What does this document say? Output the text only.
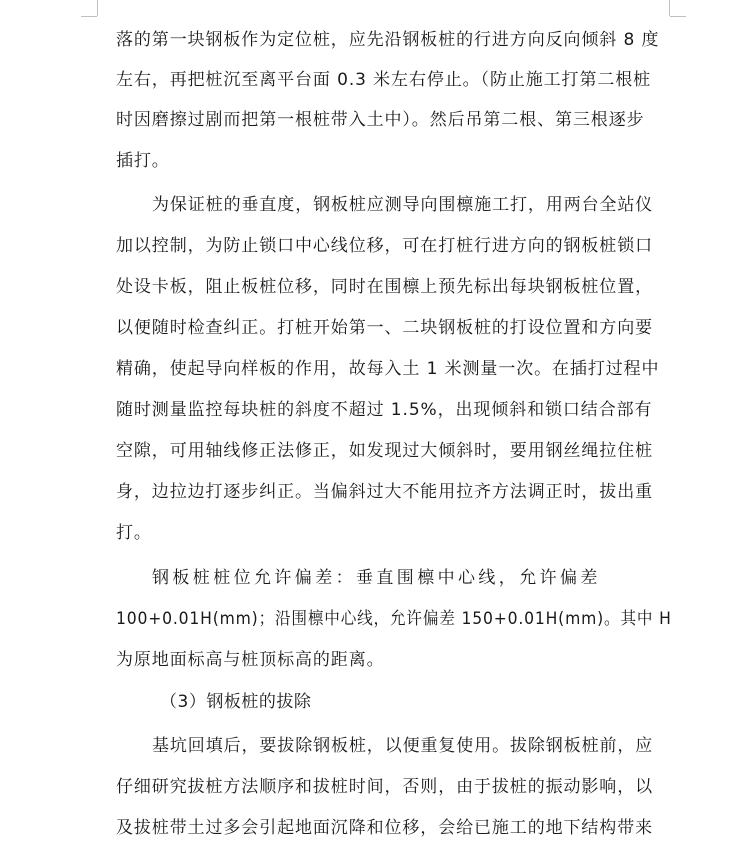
落的第一块钢板作为定位桩，应先沿钢板桩的行进方向反向倾斜 8 度
左右，再把桩沉至离平台面 0.3 米左右停止。（防止施工打第二根桩
时因磨擦过剧而把第一根桩带入土中）。然后吊第二根、第三根逐步
插打。
为保证桩的垂直度，钢板桩应测导向围檩施工打，用两台全站仪
加以控制，为防止锁口中心线位移，可在打桩行进方向的钢板桩锁口
处设卡板，阻止板桩位移，同时在围檩上预先标出每块钢板桩位置，
以便随时检查纠正。打桩开始第一、二块钢板桩的打设位置和方向要
精确，使起导向样板的作用，故每入土 1 米测量一次。在插打过程中
随时测量监控每块桩的斜度不超过 1.5%，出现倾斜和锁口结合部有
空隙，可用轴线修正法修正，如发现过大倾斜时，要用钢丝绳拉住桩
身，边拉边打逐步纠正。当偏斜过大不能用拉齐方法调正时，拔出重
打。
钢板桩桩位允许偏差：垂直围檩中心线，允许偏差
100+0.01H(mm)；沿围檩中心线，允许偏差 150+0.01H(mm)。其中 H
为原地面标高与桩顶标高的距离。
（3）钢板桩的拔除
基坑回填后，要拔除钢板桩，以便重复使用。拔除钢板桩前，应
仔细研究拔桩方法顺序和拔桩时间，否则，由于拔桩的振动影响，以
及拔桩带土过多会引起地面沉降和位移，会给已施工的地下结构带来
